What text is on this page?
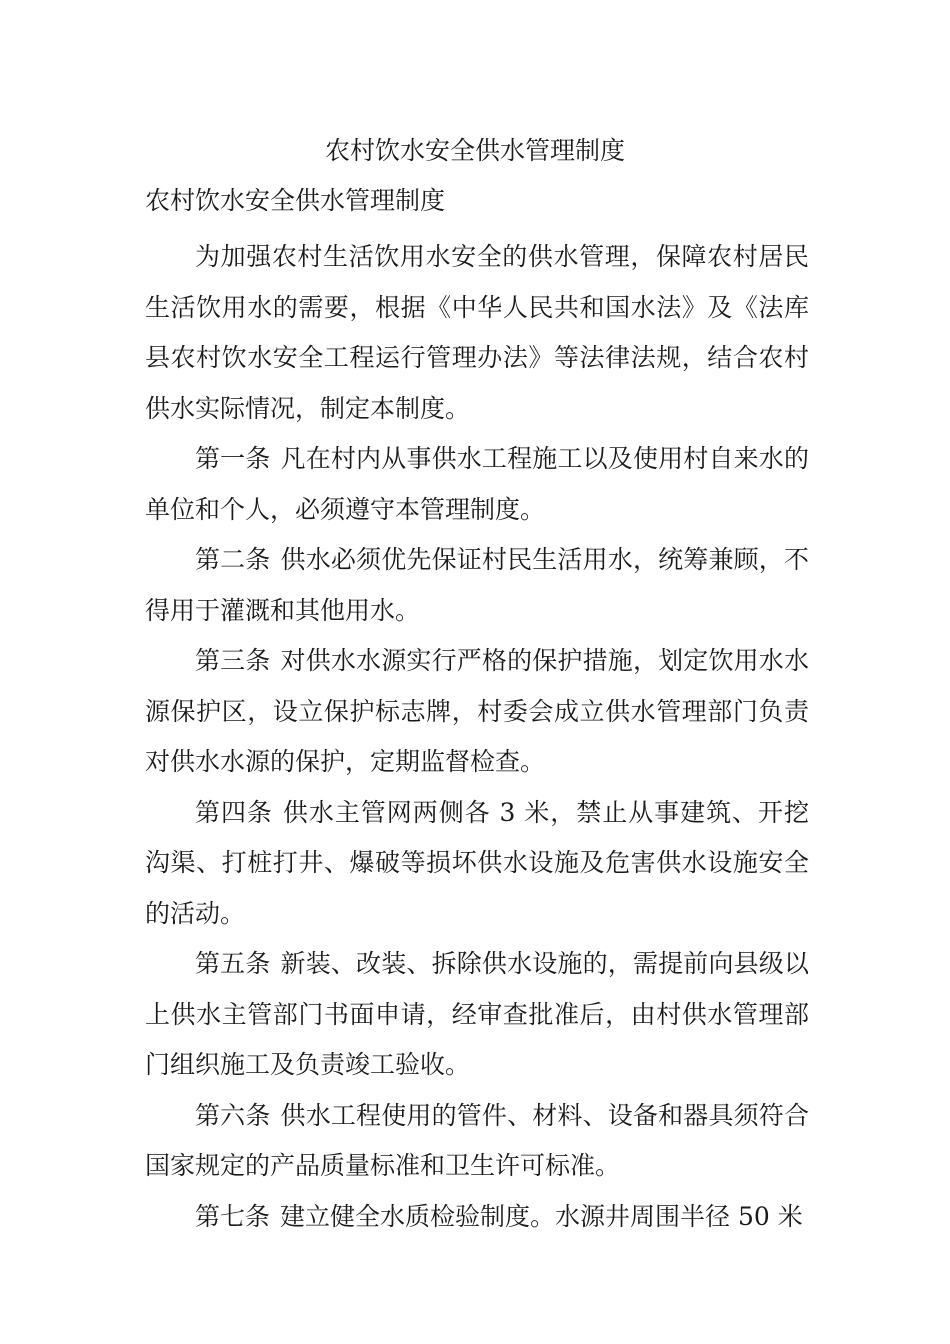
农村饮水安全供水管理制度
农村饮水安全供水管理制度

为加强农村生活饮用水安全的供水管理，保障农村居民生活饮用水的需要，根据《中华人民共和国水法》及《法库县农村饮水安全工程运行管理办法》等法律法规，结合农村供水实际情况，制定本制度。

第一条 凡在村内从事供水工程施工以及使用村自来水的单位和个人，必须遵守本管理制度。

第二条 供水必须优先保证村民生活用水，统筹兼顾，不得用于灌溉和其他用水。

第三条 对供水水源实行严格的保护措施，划定饮用水水源保护区，设立保护标志牌，村委会成立供水管理部门负责对供水水源的保护，定期监督检查。

第四条 供水主管网两侧各 3 米，禁止从事建筑、开挖沟渠、打桩打井、爆破等损坏供水设施及危害供水设施安全的活动。

第五条 新装、改装、拆除供水设施的，需提前向县级以上供水主管部门书面申请，经审查批准后，由村供水管理部门组织施工及负责竣工验收。

第六条 供水工程使用的管件、材料、设备和器具须符合国家规定的产品质量标准和卫生许可标准。

第七条 建立健全水质检验制度。水源井周围半径 50 米
